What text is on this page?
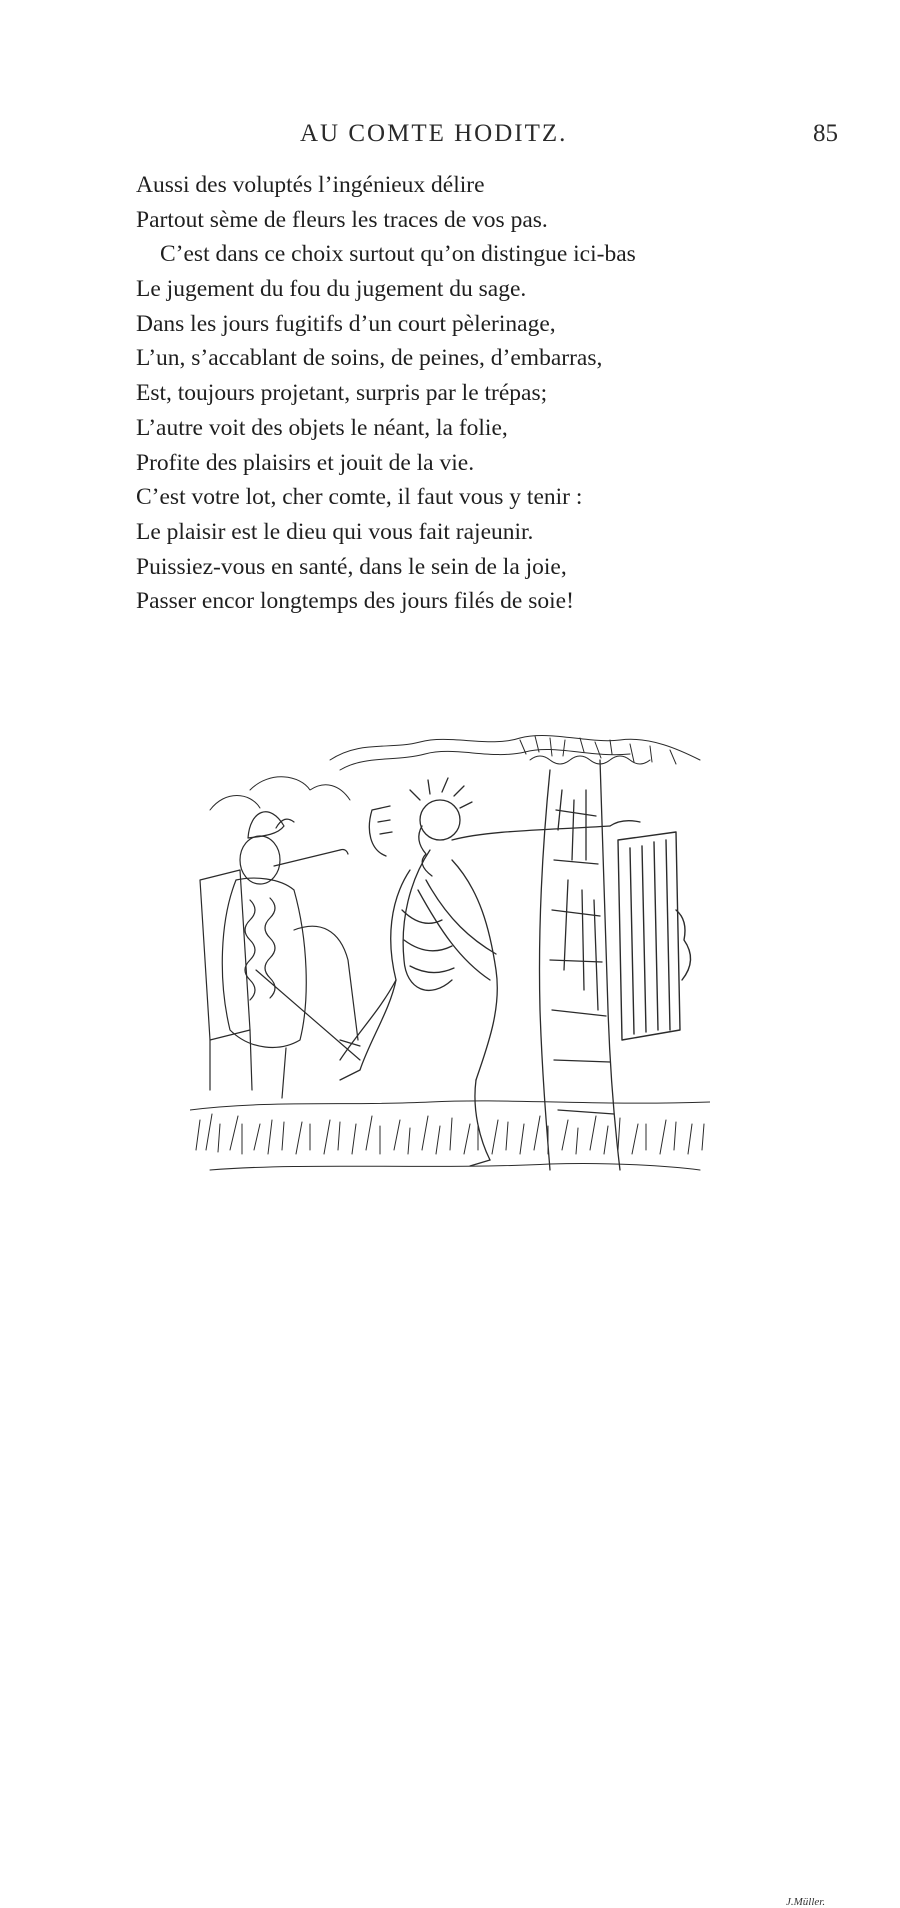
AU COMTE HODITZ.	85
Aussi des voluptés l’ingénieux délire
Partout sème de fleurs les traces de vos pas.
C’est dans ce choix surtout qu’on distingue ici-bas
Le jugement du fou du jugement du sage.
Dans les jours fugitifs d’un court pèlerinage,
L’un, s’accablant de soins, de peines, d’embarras,
Est, toujours projetant, surpris par le trépas;
L’autre voit des objets le néant, la folie,
Profite des plaisirs et jouit de la vie.
C’est votre lot, cher comte, il faut vous y tenir :
Le plaisir est le dieu qui vous fait rajeunir.
Puissiez-vous en santé, dans le sein de la joie,
Passer encor longtemps des jours filés de soie!
J.Müller.
